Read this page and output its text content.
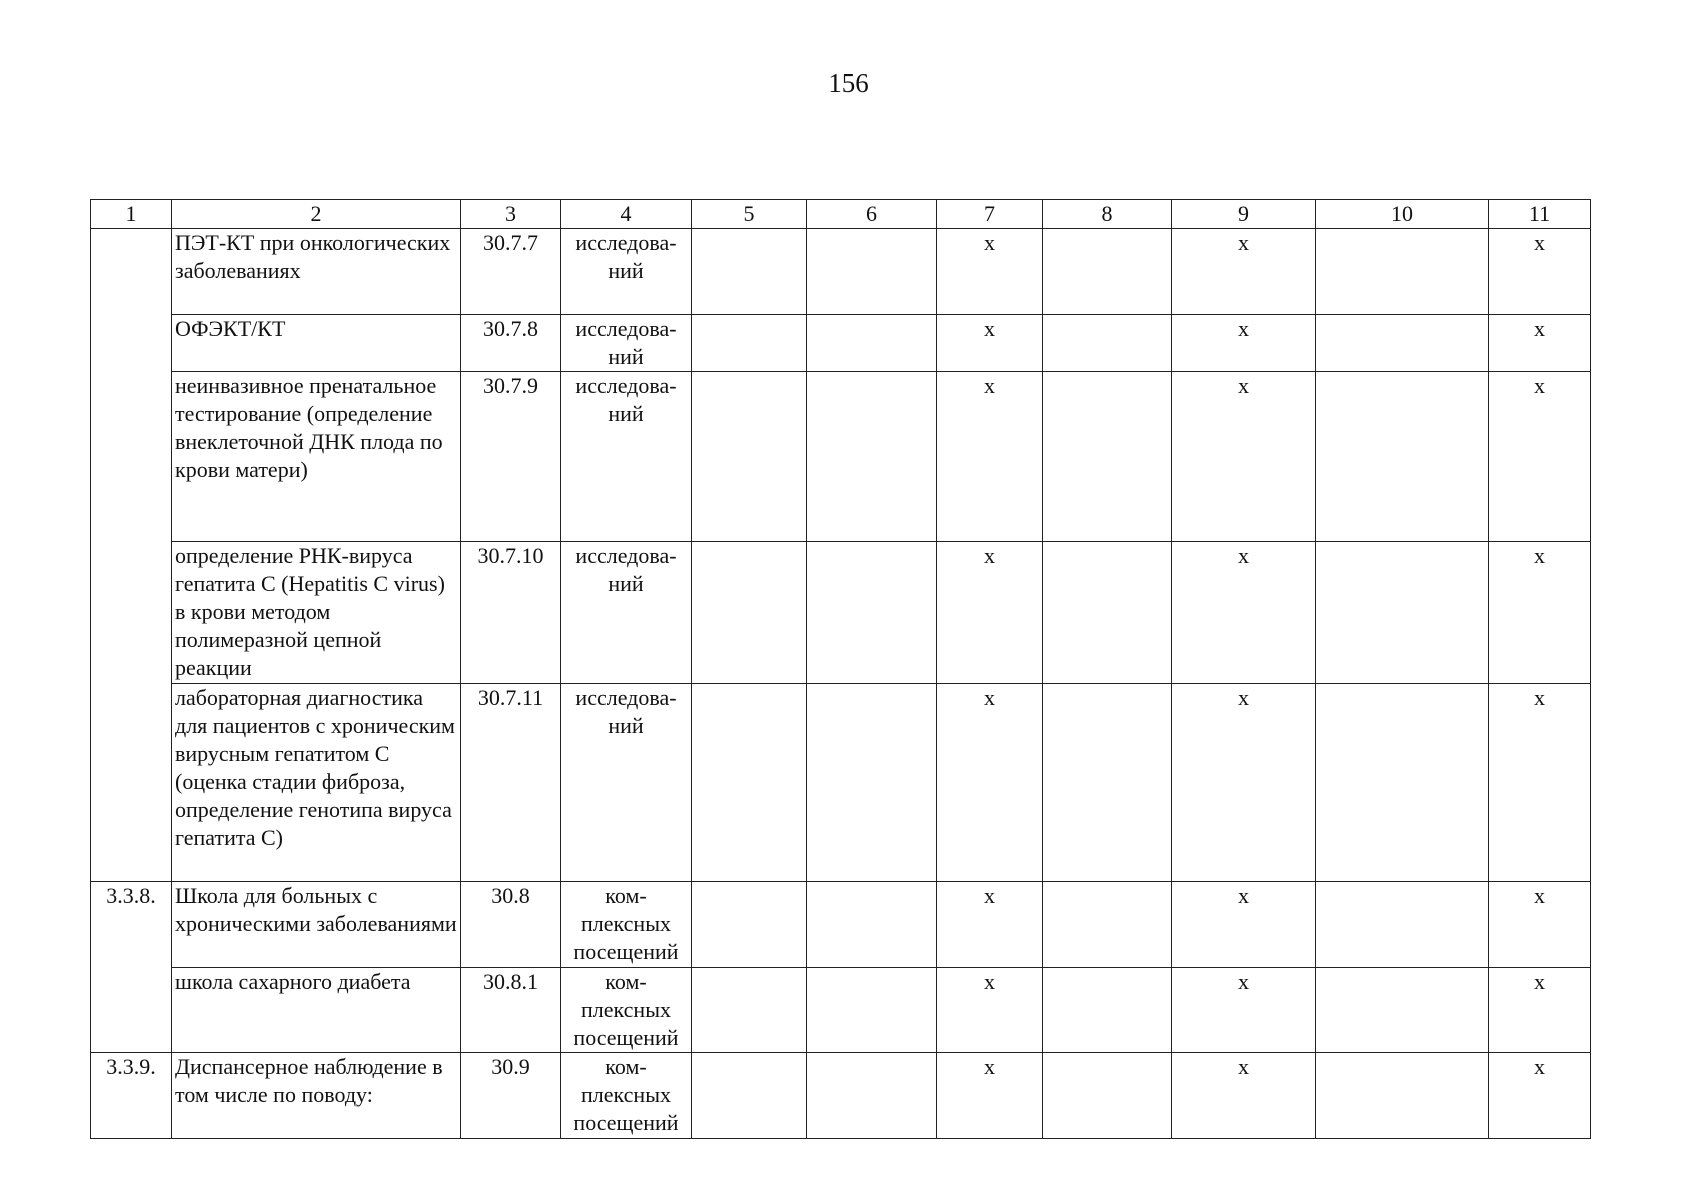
156
1	2	3	4	5	6	7	8	9	10	11
	ПЭТ-КТ при онкологических заболеваниях	30.7.7	исследова-ний			х		х		х
	ОФЭКТ/КТ	30.7.8	исследова-ний			х		х		х
	неинвазивное пренатальное тестирование (определение внеклеточной ДНК плода по крови матери)	30.7.9	исследова-ний			х		х		х
	определение РНК-вируса гепатита С (Hepatitis C virus) в крови методом полимеразной цепной реакции	30.7.10	исследова-ний			х		х		х
	лабораторная диагностика для пациентов с хроническим вирусным гепатитом С (оценка стадии фиброза, определение генотипа вируса гепатита С)	30.7.11	исследова-ний			х		х		х
3.3.8.	Школа для больных с хроническими заболеваниями	30.8	ком-плексных посещений			х		х		х
	школа сахарного диабета	30.8.1	ком-плексных посещений			х		х		х
3.3.9.	Диспансерное наблюдение в том числе по поводу:	30.9	ком-плексных посещений			х		х		х
